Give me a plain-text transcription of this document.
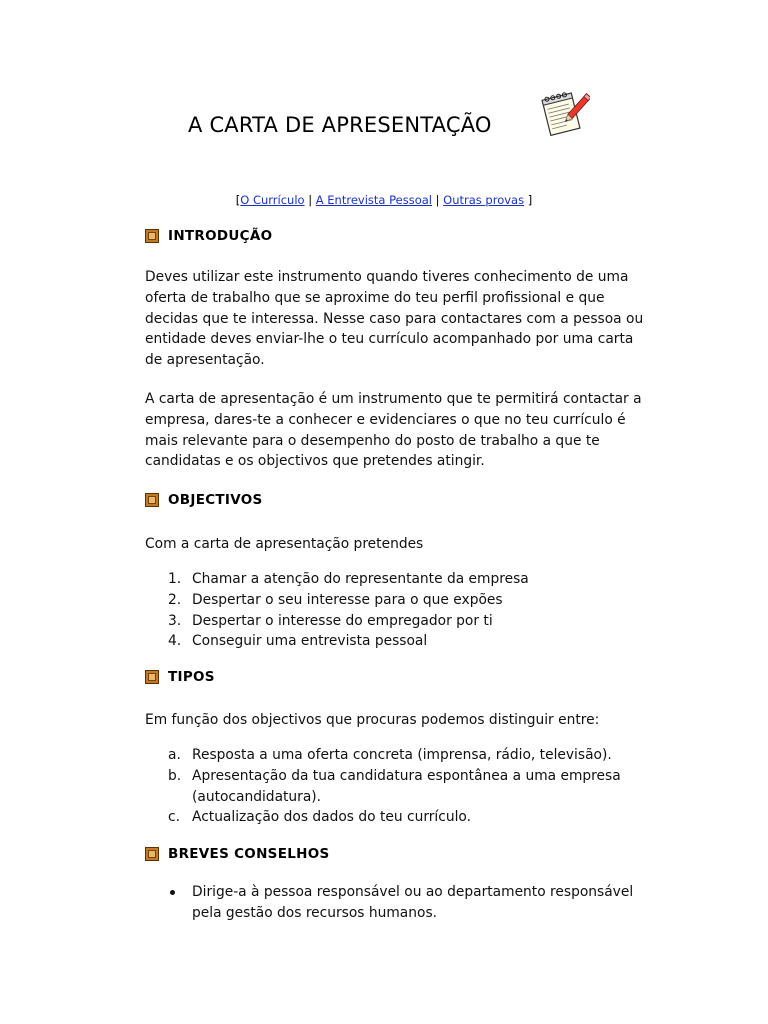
A CARTA DE APRESENTAÇÃO
[O Currículo | A Entrevista Pessoal | Outras provas ]
INTRODUÇÃO
Deves utilizar este instrumento quando tiveres conhecimento de uma oferta de trabalho que se aproxime do teu perfil profissional e que decidas que te interessa. Nesse caso para contactares com a pessoa ou entidade deves enviar-lhe o teu currículo acompanhado por uma carta de apresentação.
A carta de apresentação é um instrumento que te permitirá contactar a empresa, dares-te a conhecer e evidenciares o que no teu currículo é mais relevante para o desempenho do posto de trabalho a que te candidatas e os objectivos que pretendes atingir.
OBJECTIVOS
Com a carta de apresentação pretendes
1. Chamar a atenção do representante da empresa
2. Despertar o seu interesse para o que expões
3. Despertar o interesse do empregador por ti
4. Conseguir uma entrevista pessoal
TIPOS
Em função dos objectivos que procuras podemos distinguir entre:
a. Resposta a uma oferta concreta (imprensa, rádio, televisão).
b. Apresentação da tua candidatura espontânea a uma empresa (autocandidatura).
c. Actualização dos dados do teu currículo.
BREVES CONSELHOS
Dirige-a à pessoa responsável ou ao departamento responsável pela gestão dos recursos humanos.
